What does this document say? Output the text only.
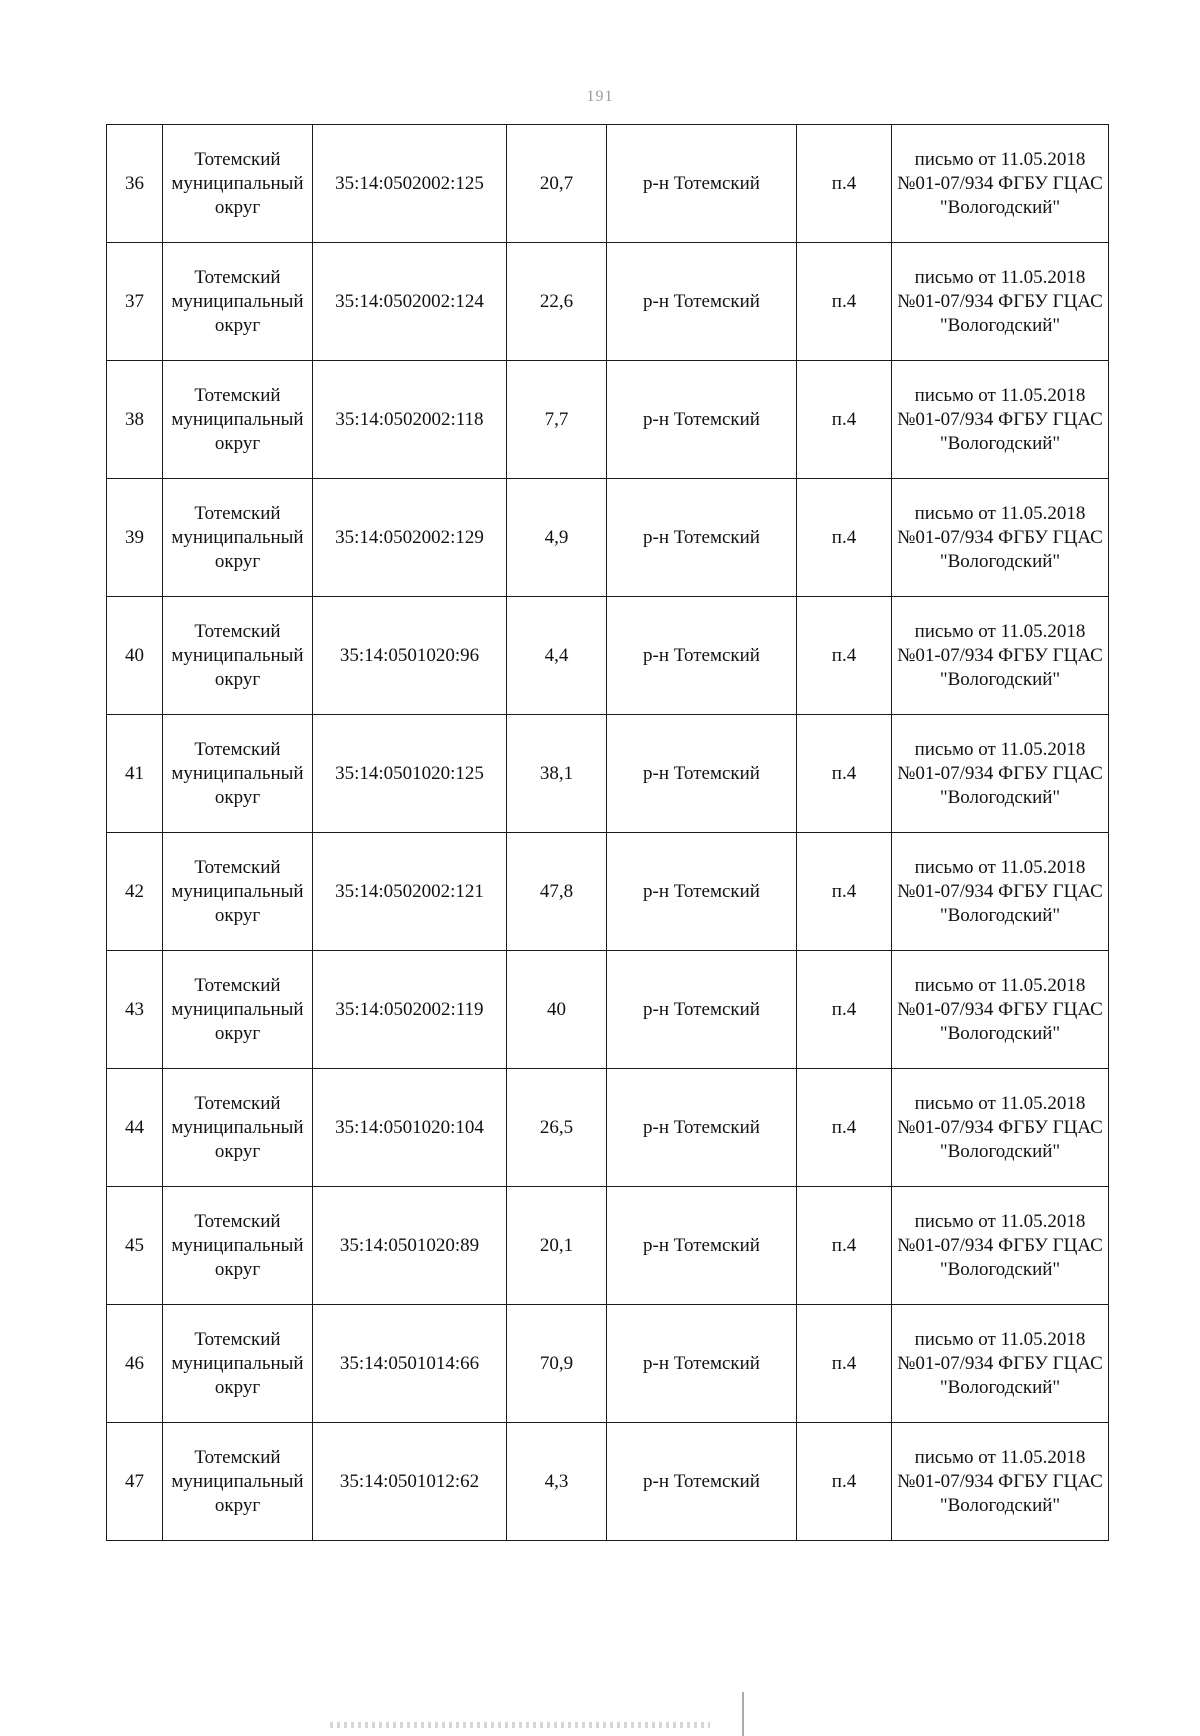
191
36	Тотемский муниципальный округ	35:14:0502002:125	20,7	р-н Тотемский	п.4	письмо от 11.05.2018 №01-07/934 ФГБУ ГЦАС "Вологодский"
37	Тотемский муниципальный округ	35:14:0502002:124	22,6	р-н Тотемский	п.4	письмо от 11.05.2018 №01-07/934 ФГБУ ГЦАС "Вологодский"
38	Тотемский муниципальный округ	35:14:0502002:118	7,7	р-н Тотемский	п.4	письмо от 11.05.2018 №01-07/934 ФГБУ ГЦАС "Вологодский"
39	Тотемский муниципальный округ	35:14:0502002:129	4,9	р-н Тотемский	п.4	письмо от 11.05.2018 №01-07/934 ФГБУ ГЦАС "Вологодский"
40	Тотемский муниципальный округ	35:14:0501020:96	4,4	р-н Тотемский	п.4	письмо от 11.05.2018 №01-07/934 ФГБУ ГЦАС "Вологодский"
41	Тотемский муниципальный округ	35:14:0501020:125	38,1	р-н Тотемский	п.4	письмо от 11.05.2018 №01-07/934 ФГБУ ГЦАС "Вологодский"
42	Тотемский муниципальный округ	35:14:0502002:121	47,8	р-н Тотемский	п.4	письмо от 11.05.2018 №01-07/934 ФГБУ ГЦАС "Вологодский"
43	Тотемский муниципальный округ	35:14:0502002:119	40	р-н Тотемский	п.4	письмо от 11.05.2018 №01-07/934 ФГБУ ГЦАС "Вологодский"
44	Тотемский муниципальный округ	35:14:0501020:104	26,5	р-н Тотемский	п.4	письмо от 11.05.2018 №01-07/934 ФГБУ ГЦАС "Вологодский"
45	Тотемский муниципальный округ	35:14:0501020:89	20,1	р-н Тотемский	п.4	письмо от 11.05.2018 №01-07/934 ФГБУ ГЦАС "Вологодский"
46	Тотемский муниципальный округ	35:14:0501014:66	70,9	р-н Тотемский	п.4	письмо от 11.05.2018 №01-07/934 ФГБУ ГЦАС "Вологодский"
47	Тотемский муниципальный округ	35:14:0501012:62	4,3	р-н Тотемский	п.4	письмо от 11.05.2018 №01-07/934 ФГБУ ГЦАС "Вологодский"
